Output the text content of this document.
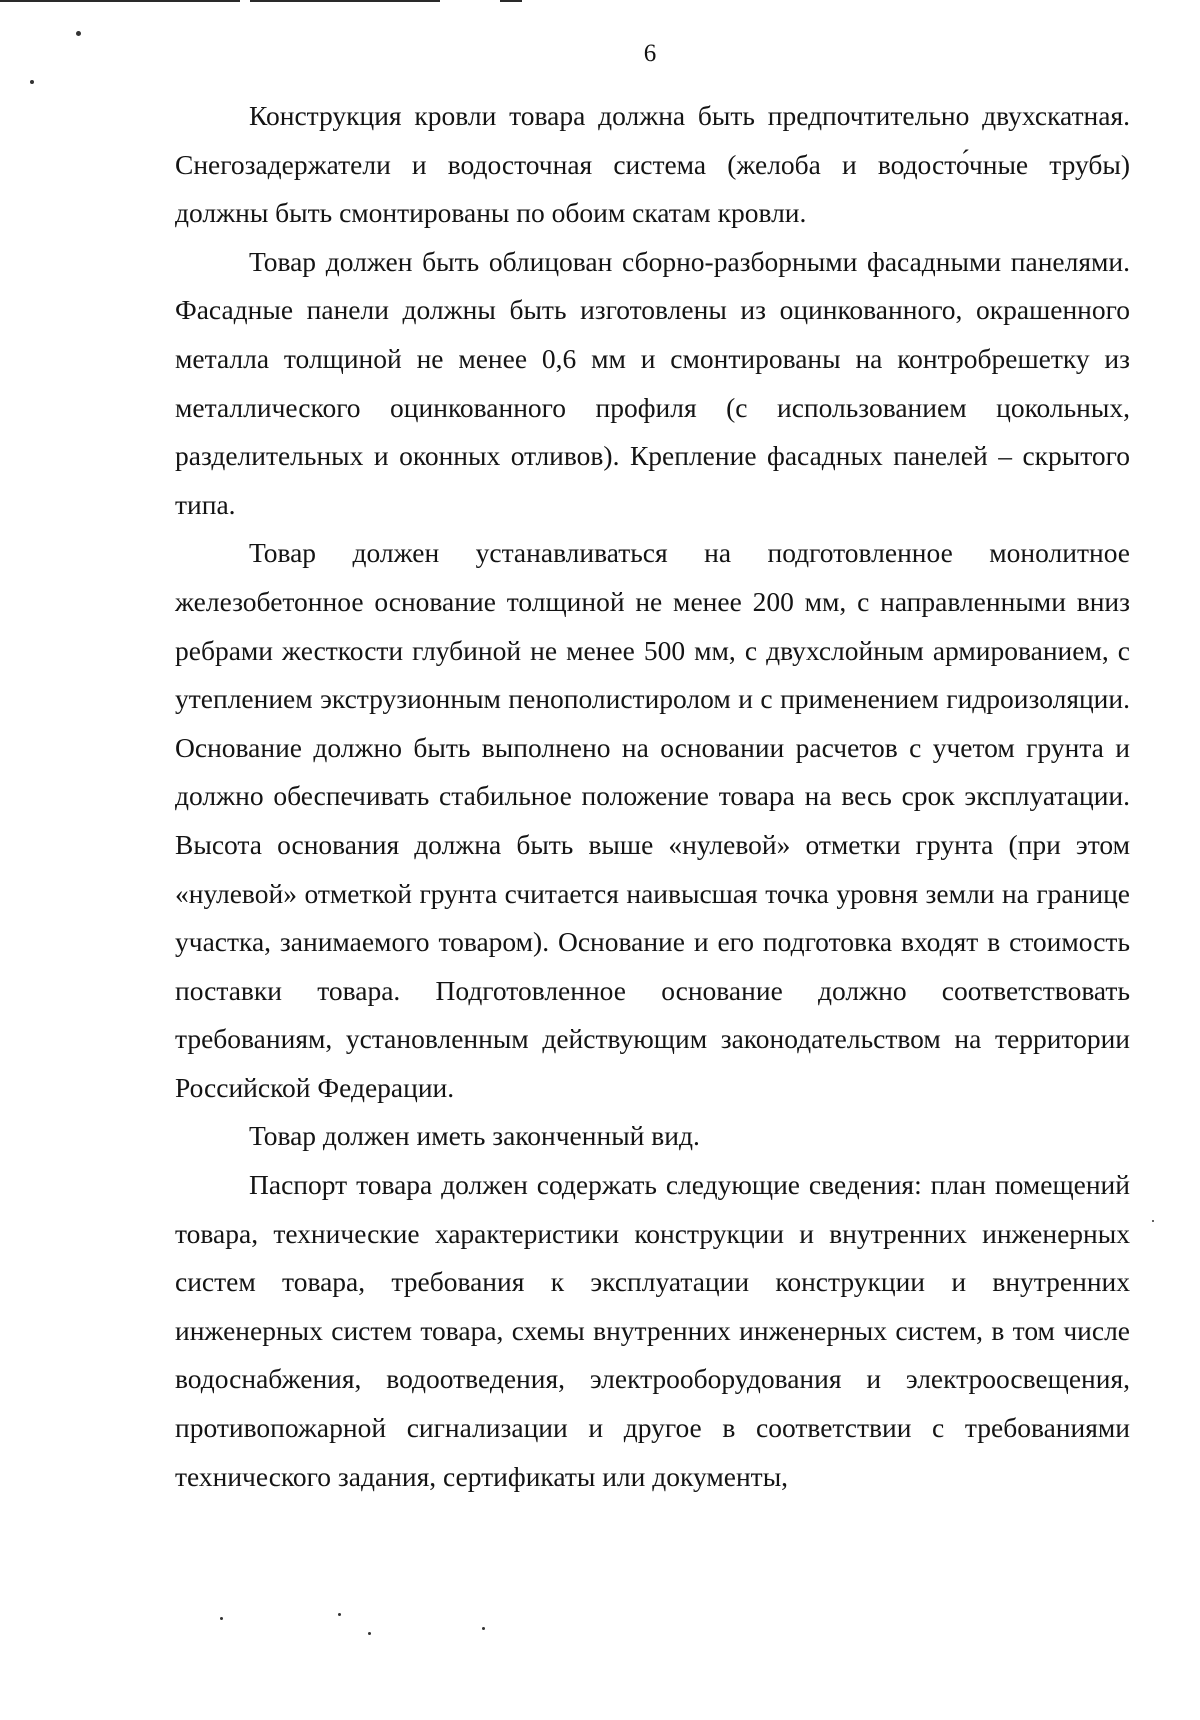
6

Конструкция кровли товара должна быть предпочтительно двухскатная. Снегозадержатели и водосточная система (желоба и водосто́чные трубы) должны быть смонтированы по обоим скатам кровли.

Товар должен быть облицован сборно-разборными фасадными панелями. Фасадные панели должны быть изготовлены из оцинкованного, окрашенного металла толщиной не менее 0,6 мм и смонтированы на контробрешетку из металлического оцинкованного профиля (с использованием цокольных, разделительных и оконных отливов). Крепление фасадных панелей – скрытого типа.

Товар должен устанавливаться на подготовленное монолитное железобетонное основание толщиной не менее 200 мм, с направленными вниз ребрами жесткости глубиной не менее 500 мм, с двухслойным армированием, с утеплением экструзионным пенополистиролом и с применением гидроизоляции. Основание должно быть выполнено на основании расчетов с учетом грунта и должно обеспечивать стабильное положение товара на весь срок эксплуатации. Высота основания должна быть выше «нулевой» отметки грунта (при этом «нулевой» отметкой грунта считается наивысшая точка уровня земли на границе участка, занимаемого товаром). Основание и его подготовка входят в стоимость поставки товара. Подготовленное основание должно соответствовать требованиям, установленным действующим законодательством на территории Российской Федерации.

Товар должен иметь законченный вид.

Паспорт товара должен содержать следующие сведения: план помещений товара, технические характеристики конструкции и внутренних инженерных систем товара, требования к эксплуатации конструкции и внутренних инженерных систем товара, схемы внутренних инженерных систем, в том числе водоснабжения, водоотведения, электрооборудования и электроосвещения, противопожарной сигнализации и другое в соответствии с требованиями технического задания, сертификаты или документы,
